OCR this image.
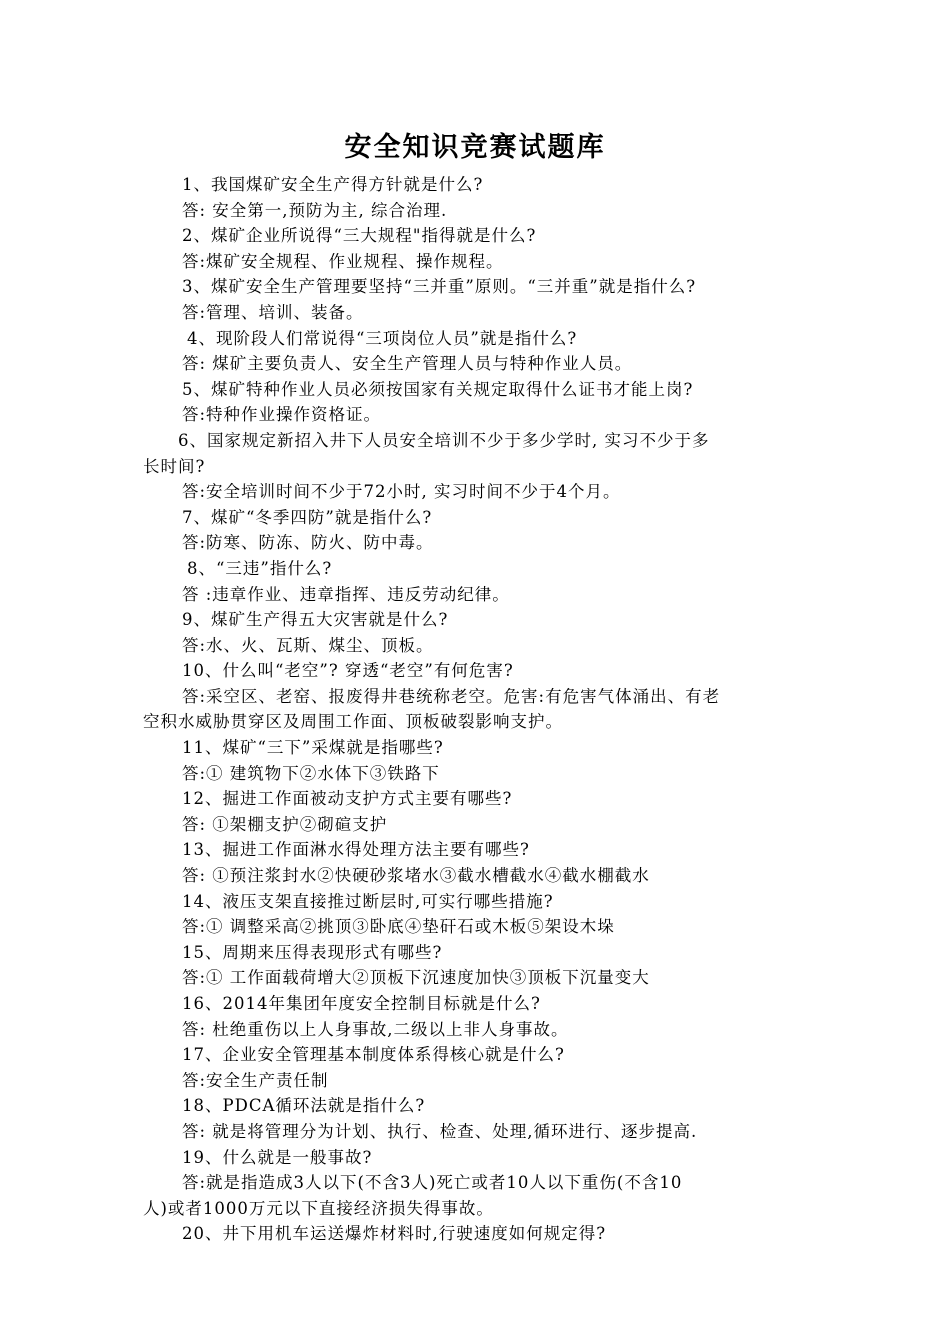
安全知识竞赛试题库
1、我国煤矿安全生产得方针就是什么?
答: 安全第一,预防为主, 综合治理.
2、煤矿企业所说得“三大规程"指得就是什么?
答:煤矿安全规程、作业规程、操作规程。
3、煤矿安全生产管理要坚持“三并重”原则。“三并重”就是指什么?
答:管理、培训、装备。
4、现阶段人们常说得“三项岗位人员”就是指什么?
答: 煤矿主要负责人、安全生产管理人员与特种作业人员。
5、煤矿特种作业人员必须按国家有关规定取得什么证书才能上岗?
答:特种作业操作资格证。
6、国家规定新招入井下人员安全培训不少于多少学时, 实习不少于多
长时间?
答:安全培训时间不少于72小时, 实习时间不少于4个月。
7、煤矿“冬季四防”就是指什么?
答:防寒、防冻、防火、防中毒。
8、“三违”指什么?
答 :违章作业、违章指挥、违反劳动纪律。
9、煤矿生产得五大灾害就是什么?
答:水、火、瓦斯、煤尘、顶板。
10、什么叫“老空”? 穿透“老空”有何危害?
答:采空区、老窑、报废得井巷统称老空。危害:有危害气体涌出、有老
空积水威胁贯穿区及周围工作面、顶板破裂影响支护。
11、煤矿“三下”采煤就是指哪些?
答:① 建筑物下②水体下③铁路下
12、掘进工作面被动支护方式主要有哪些?
答: ①架棚支护②砌碹支护
13、掘进工作面淋水得处理方法主要有哪些?
答: ①预注浆封水②快硬砂浆堵水③截水槽截水④截水棚截水
14、液压支架直接推过断层时,可实行哪些措施?
答:① 调整采高②挑顶③卧底④垫矸石或木板⑤架设木垛
15、周期来压得表现形式有哪些?
答:① 工作面载荷增大②顶板下沉速度加快③顶板下沉量变大
16、2014年集团年度安全控制目标就是什么?
答: 杜绝重伤以上人身事故,二级以上非人身事故。
17、企业安全管理基本制度体系得核心就是什么?
答:安全生产责任制
18、PDCA循环法就是指什么?
答: 就是将管理分为计划、执行、检查、处理,循环进行、逐步提高.
19、什么就是一般事故?
答:就是指造成3人以下(不含3人)死亡或者10人以下重伤(不含10
人)或者1000万元以下直接经济损失得事故。
20、井下用机车运送爆炸材料时,行驶速度如何规定得?
